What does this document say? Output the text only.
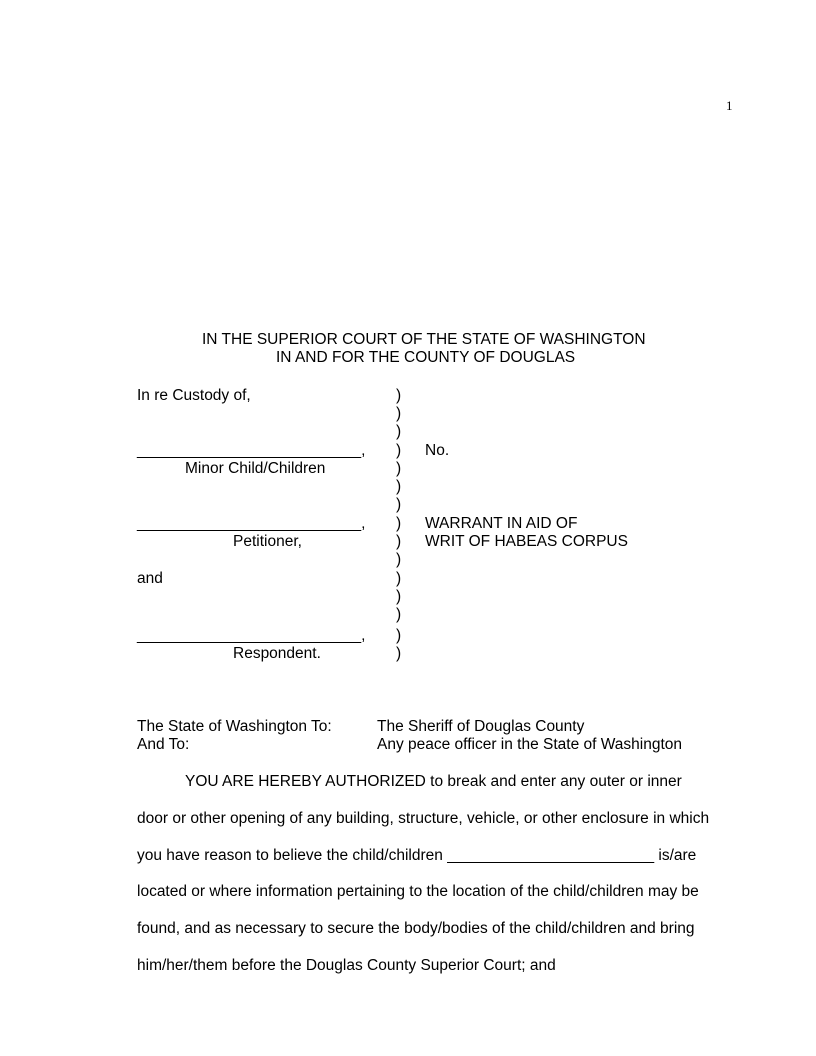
1
IN THE SUPERIOR COURT OF THE STATE OF WASHINGTON
IN AND FOR THE COUNTY OF DOUGLAS
In re Custody of,
__________________________,
Minor Child/Children
__________________________,
Petitioner,
and
__________________________,
Respondent.
)
)
)
)
)
)
)
)
)
)
)
)
)
)
)
No.
WARRANT IN AID OF
WRIT OF HABEAS CORPUS
The State of Washington To:	The Sheriff of Douglas County
And To:	Any peace officer in the State of Washington
YOU ARE HEREBY AUTHORIZED to break and enter any outer or inner
door or other opening of any building, structure, vehicle, or other enclosure in which
you have reason to believe the child/children ________________________ is/are
located or where information pertaining to the location of the child/children may be
found, and as necessary to secure the body/bodies of the child/children and bring
him/her/them before the Douglas County Superior Court; and
